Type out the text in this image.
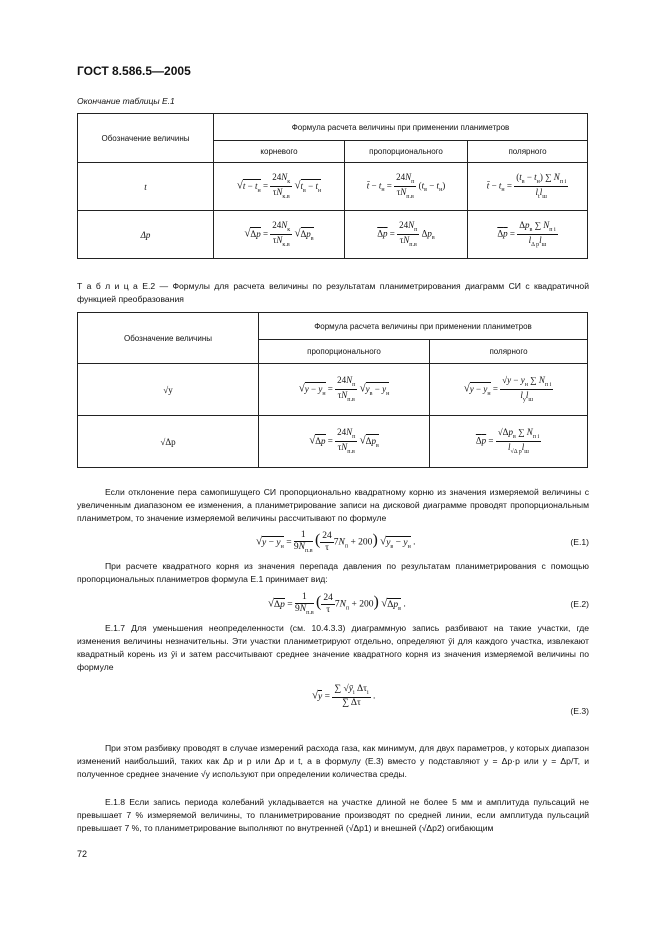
ГОСТ 8.586.5—2005
Окончание таблицы Е.1
Обозначение величины	Формула расчета величины при применении планиметров		
	корневого	пропорционального	полярного
t	$√t - t_н = \frac{24N_к}{\tau N_{к.в}} √t_в - t_н$	t̄ − $t_н = \frac{24N_п}{\tau N_{п.в}} (t_в - t_н)$	t̄ − $t_н = \frac{(t_в - t_н) \sum N_{п i}}{l_tl_ш}$

Δp	$√\Delta p = \frac{24N_к}{\tau N_{к.в}} √\Delta p_в$	$\Delta p = \frac{24N_п}{\tau N_{п.в}} \Delta p_в$	$\Delta p = \frac{\Delta p_в \sum N_{п i}}{l_{\Delta p}l_ш}$
Т а б л и ц а Е.2 — Формулы для расчета величины по результатам планиметрирования диаграмм СИ с квадратичной функцией преобразования
Обозначение величины	Формула расчета величины при применении планиметров	
	пропорционального	полярного
√y	$√y - y_н = \frac{24N_п}{\tau N_{п.в}} √y_в - y_н$	$√y - y_н = \frac{√y - y_н \sum N_{п i}}{l_yl_ш}$

√Δp	$√\Delta p = \frac{24N_п}{\tau N_{п.в}} √\Delta p_в$	$\Delta p = \frac{√\Delta p_в \sum N_{п i}}{l_{√\Delta p}l_ш}$
Если отклонение пера самопишущего СИ пропорционально квадратному корню из значения измеряемой величины с увеличенным диапазоном ее изменения, а планиметрирование записи на дисковой диаграмме проводят пропорциональным планиметром, то значение измеряемой величины рассчитывают по формуле
$√y - y_н = \frac{1}{9N_{п.в}}$ ( $\frac{24}{\tau} 7N_п + 200$) $√y_в - y_н$ .	(Е.1)
При расчете квадратного корня из значения перепада давления по результатам планиметрирования с помощью пропорциональных планиметров формула Е.1 принимает вид:
$√\Delta p = \frac{1}{9N_{п.в}}$ ( $\frac{24}{\tau} 7N_п + 200$) $√\Delta p_в$ .	(Е.2)
Е.1.7 Для уменьшения неопределенности (см. 10.4.3.3) диаграммную запись разбивают на такие участки, где изменения величины незначительны. Эти участки планиметрируют отдельно, определяют ȳi для каждого участка, извлекают квадратный корень из ȳi и затем рассчитывают среднее значение квадратного корня из значения измеряемой величины по формуле
$√y = \frac{\sum √ȳ_i \Delta\tau_i}{\sum \Delta\tau}$ .
(Е.3)
При этом разбивку проводят в случае измерений расхода газа, как минимум, для двух параметров, у которых диапазон изменений наибольший, таких как Δp и p или Δp и t, а в формулу (Е.3) вместо y подставляют y = Δp·p или y = Δp/T, и полученное среднее значение √y используют при определении количества среды.
Е.1.8 Если запись периода колебаний укладывается на участке длиной не более 5 мм и амплитуда пульсаций не превышает 7 % измеряемой величины, то планиметрирование производят по средней линии, если амплитуда пульсаций превышает 7 %, то планиметрирование выполняют по внутренней (√Δp1) и внешней (√Δp2) огибающим
72
